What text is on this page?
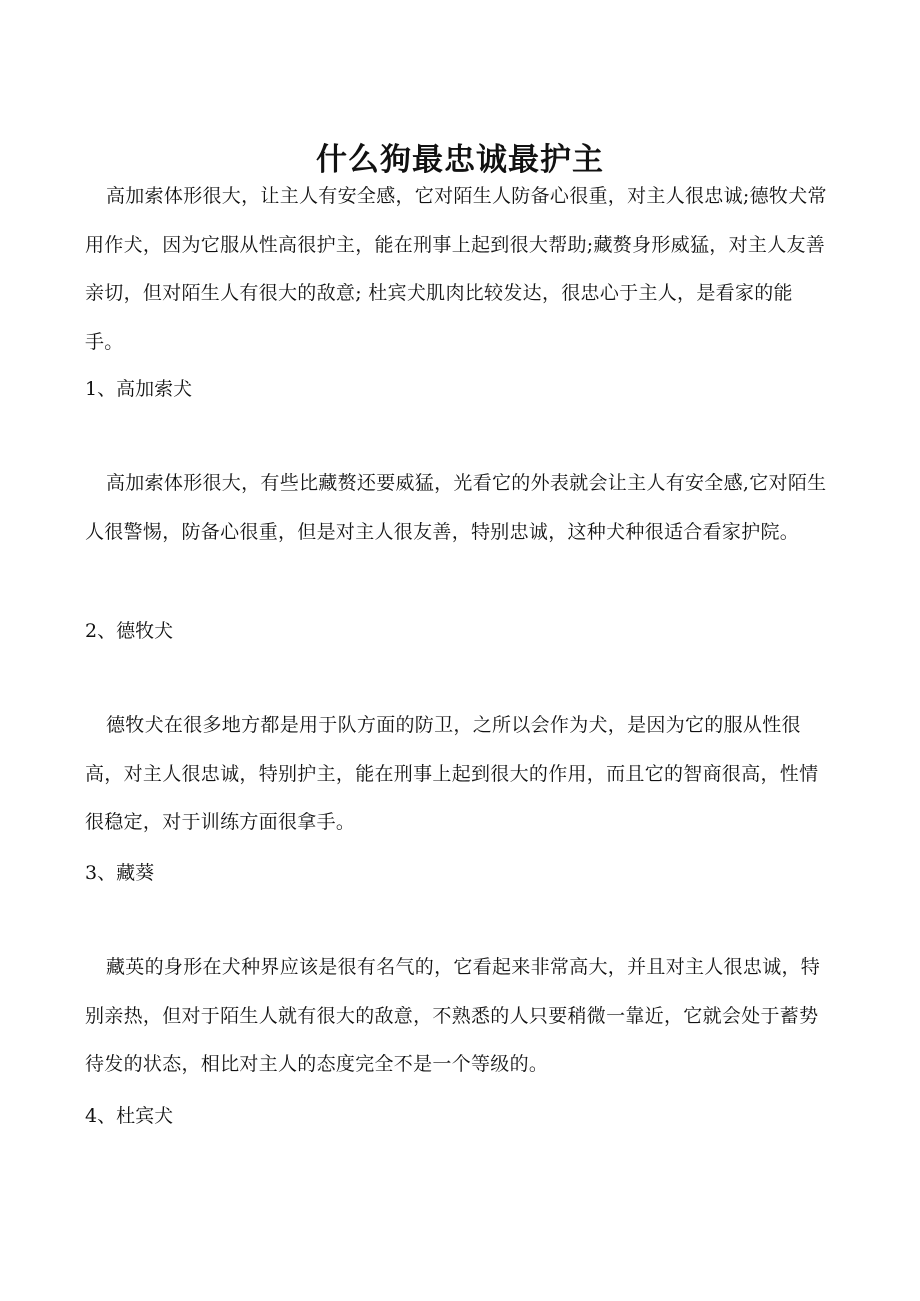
什么狗最忠诚最护主

高加索体形很大，让主人有安全感，它对陌生人防备心很重，对主人很忠诚;德牧犬常用作犬，因为它服从性高很护主，能在刑事上起到很大帮助;藏赘身形威猛，对主人友善亲切，但对陌生人有很大的敌意; 杜宾犬肌肉比较发达，很忠心于主人，是看家的能手。

1、高加索犬

高加索体形很大，有些比藏赘还要威猛，光看它的外表就会让主人有安全感,它对陌生人很警惕，防备心很重，但是对主人很友善，特别忠诚，这种犬种很适合看家护院。

2、德牧犬

德牧犬在很多地方都是用于队方面的防卫，之所以会作为犬，是因为它的服从性很高，对主人很忠诚，特别护主，能在刑事上起到很大的作用，而且它的智商很高，性情很稳定，对于训练方面很拿手。

3、藏葵

藏英的身形在犬种界应该是很有名气的，它看起来非常高大，并且对主人很忠诚，特别亲热，但对于陌生人就有很大的敌意，不熟悉的人只要稍微一靠近，它就会处于蓄势待发的状态，相比对主人的态度完全不是一个等级的。

4、杜宾犬
